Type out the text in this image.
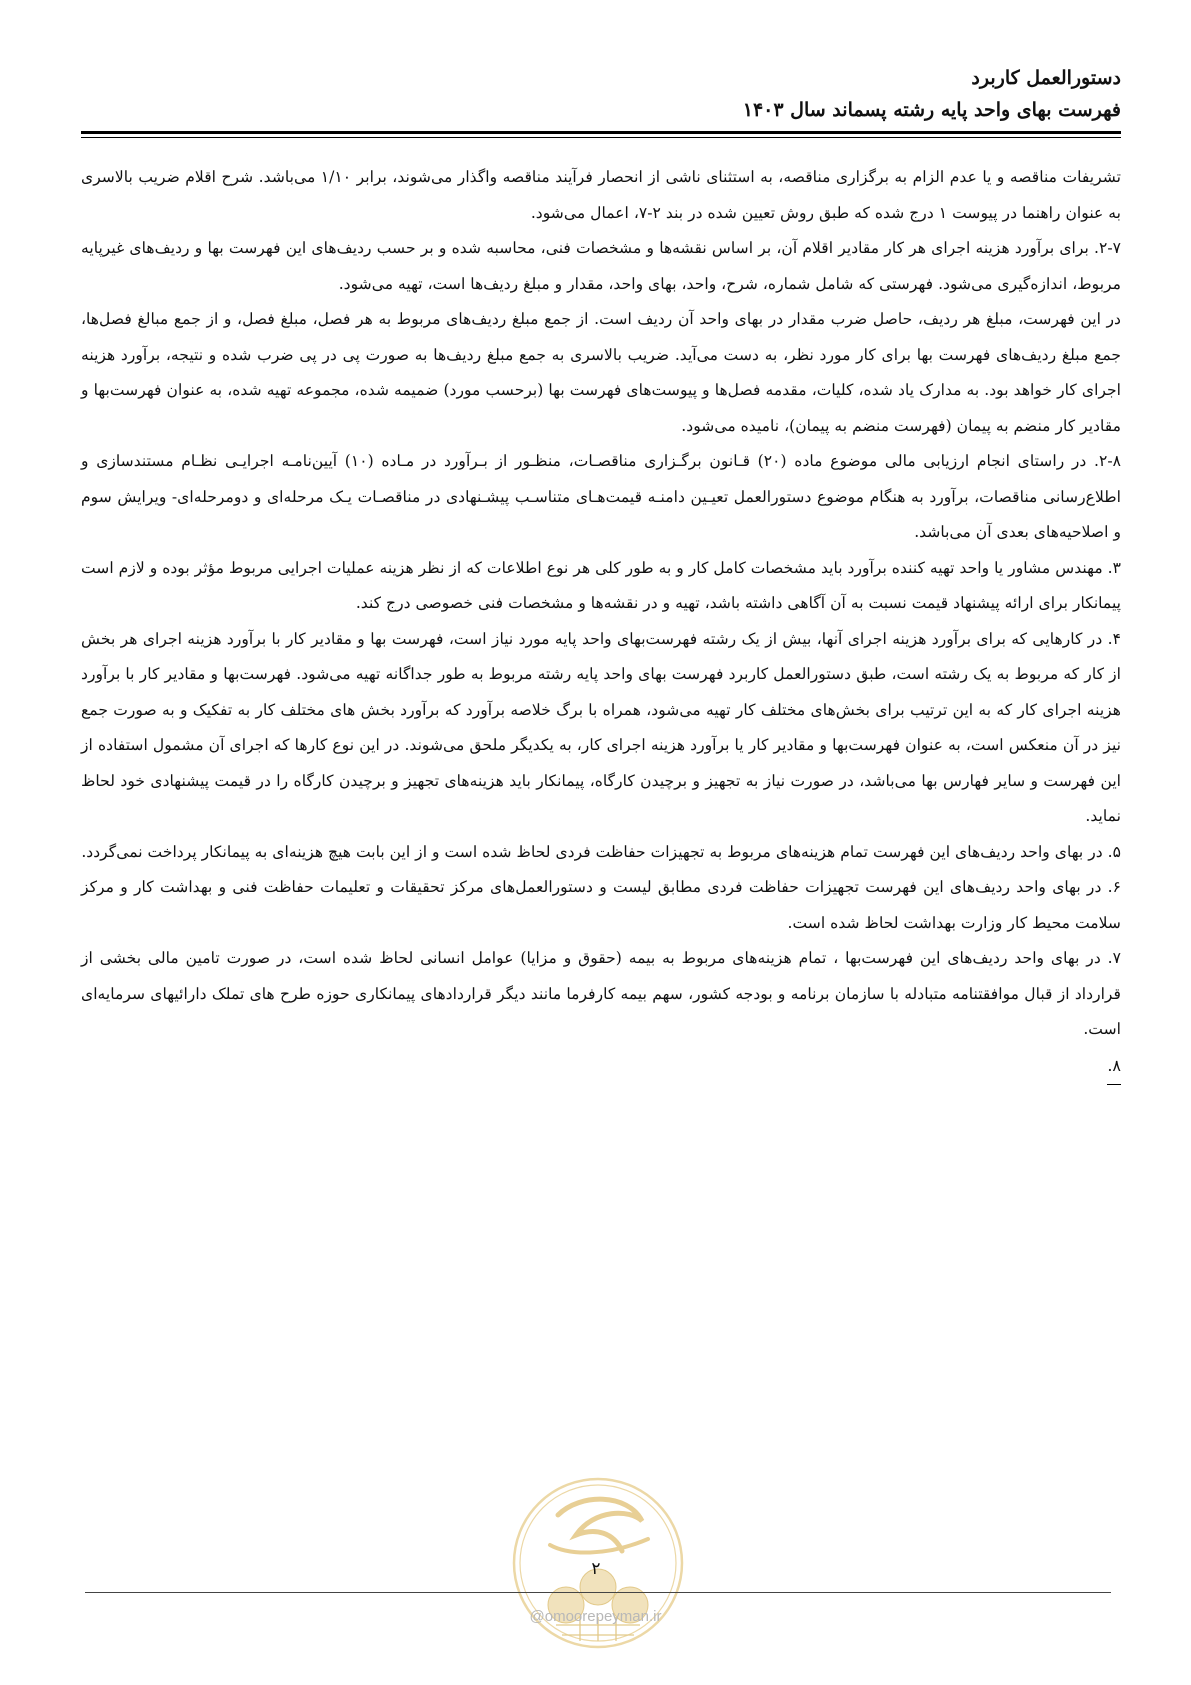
دستورالعمل کاربرد
فهرست بهای واحد پایه رشته پسماند سال ۱۴۰۳

تشریفات مناقصه و یا عدم الزام به برگزاری مناقصه، به استثنای ناشی از انحصار فرآیند مناقصه واگذار می‌شوند، برابر ۱/۱۰ می‌باشد. شرح اقلام ضریب بالاسری به عنوان راهنما در پیوست ۱ درج شده که طبق روش تعیین شده در بند ۲-۷، اعمال می‌شود.

۲-۷. برای برآورد هزینه اجرای هر کار مقادیر اقلام آن، بر اساس نقشه‌ها و مشخصات فنی، محاسبه شده و بر حسب ردیف‌های این فهرست بها و ردیف‌های غیرپایه مربوط، اندازه‌گیری می‌شود. فهرستی که شامل شماره، شرح، واحد، بهای واحد، مقدار و مبلغ ردیف‌ها است، تهیه می‌شود.

در این فهرست، مبلغ هر ردیف، حاصل ضرب مقدار در بهای واحد آن ردیف است. از جمع مبلغ ردیف‌های مربوط به هر فصل، مبلغ فصل، و از جمع مبالغ فصل‌ها، جمع مبلغ ردیف‌های فهرست بها برای کار مورد نظر، به دست می‌آید. ضریب بالاسری به جمع مبلغ ردیف‌ها به صورت پی در پی ضرب شده و نتیجه، برآورد هزینه اجرای کار خواهد بود. به مدارک یاد شده، کلیات، مقدمه فصل‌ها و پیوست‌های فهرست بها (برحسب مورد) ضمیمه شده، مجموعه تهیه شده، به عنوان فهرست‌بها و مقادیر کار منضم به پیمان (فهرست منضم به پیمان)، نامیده می‌شود.

۲-۸. در راستای انجام ارزیابی مالی موضوع ماده (۲۰) قـانون برگـزاری مناقصـات، منظـور از بـرآورد در مـاده (۱۰) آیین‌نامـه اجرایـی نظـام مستندسازی و اطلاع‌رسانی مناقصات، برآورد به هنگام موضوع دستورالعمل تعیـین دامنـه قیمت‌هـای متناسـب پیشـنهادی در مناقصـات یـک مرحله‌ای و دومرحله‌ای- ویرایش سوم و اصلاحیه‌های بعدی آن می‌باشد.

۳. مهندس مشاور یا واحد تهیه کننده برآورد باید مشخصات کامل کار و به طور کلی هر نوع اطلاعات که از نظر هزینه عملیات اجرایی مربوط مؤثر بوده و لازم است پیمانکار برای ارائه پیشنهاد قیمت نسبت به آن آگاهی داشته باشد، تهیه و در نقشه‌ها و مشخصات فنی خصوصی درج کند.

۴. در کارهایی که برای برآورد هزینه اجرای آنها، بیش از یک رشته فهرست‌بهای واحد پایه مورد نیاز است، فهرست بها و مقادیر کار با برآورد هزینه اجرای هر بخش از کار که مربوط به یک رشته است، طبق دستورالعمل کاربرد فهرست بهای واحد پایه رشته مربوط به طور جداگانه تهیه می‌شود. فهرست‌بها و مقادیر کار با برآورد هزینه اجرای کار که به این ترتیب برای بخش‌های مختلف کار تهیه می‌شود، همراه با برگ خلاصه برآورد که برآورد بخش های مختلف کار به تفکیک و به صورت جمع نیز در آن منعکس است، به عنوان فهرست‌بها و مقادیر کار یا برآورد هزینه اجرای کار، به یکدیگر ملحق می‌شوند. در این نوع کارها که اجرای آن مشمول استفاده از این فهرست و سایر فهارس بها می‌باشد، در صورت نیاز به تجهیز و برچیدن کارگاه، پیمانکار باید هزینه‌های تجهیز و برچیدن کارگاه را در قیمت پیشنهادی خود لحاظ نماید.

۵. در بهای واحد ردیف‌های این فهرست تمام هزینه‌های مربوط به تجهیزات حفاظت فردی لحاظ شده است و از این بابت هیچ هزینه‌ای به پیمانکار پرداخت نمی‌گردد.

۶. در بهای واحد ردیف‌های این فهرست تجهیزات حفاظت فردی مطابق لیست و دستورالعمل‌های مرکز تحقیقات و تعلیمات حفاظت فنی و بهداشت کار و مرکز سلامت محیط کار وزارت بهداشت لحاظ شده است.

۷. در بهای واحد ردیف‌های این فهرست‌بها ، تمام هزینه‌های مربوط به بیمه (حقوق و مزایا) عوامل انسانی لحاظ شده است، در صورت تامین مالی بخشی از قرارداد از قبال موافقتنامه متبادله با سازمان برنامه و بودجه کشور، سهم بیمه کارفرما مانند دیگر قراردادهای پیمانکاری حوزه طرح های تملک دارائیهای سرمایه‌ای است.

۸.
۲
@omoorepeyman.ir
